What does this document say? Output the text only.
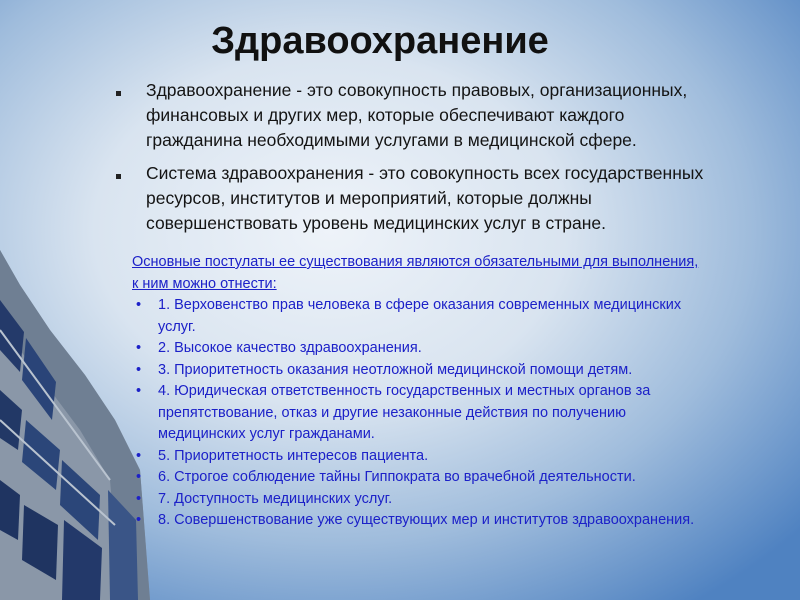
Здравоохранение
Здравоохранение - это совокупность правовых, организационных, финансовых и других мер, которые обеспечивают каждого гражданина необходимыми услугами в медицинской сфере.
Система здравоохранения - это совокупность всех государственных ресурсов, институтов и мероприятий, которые должны совершенствовать уровень медицинских услуг в стране.
Основные постулаты ее существования являются обязательными для выполнения, к ним можно отнести:
• 1. Верховенство прав человека в сфере оказания современных медицинских услуг.
• 2. Высокое качество здравоохранения.
• 3. Приоритетность оказания неотложной медицинской помощи детям.
• 4. Юридическая ответственность государственных и местных органов за препятствование, отказ и другие незаконные действия по получению медицинских услуг гражданами.
• 5. Приоритетность интересов пациента.
• 6. Строгое соблюдение тайны Гиппократа во врачебной деятельности.
• 7. Доступность медицинских услуг.
• 8. Совершенствование уже существующих мер и институтов здравоохранения.
